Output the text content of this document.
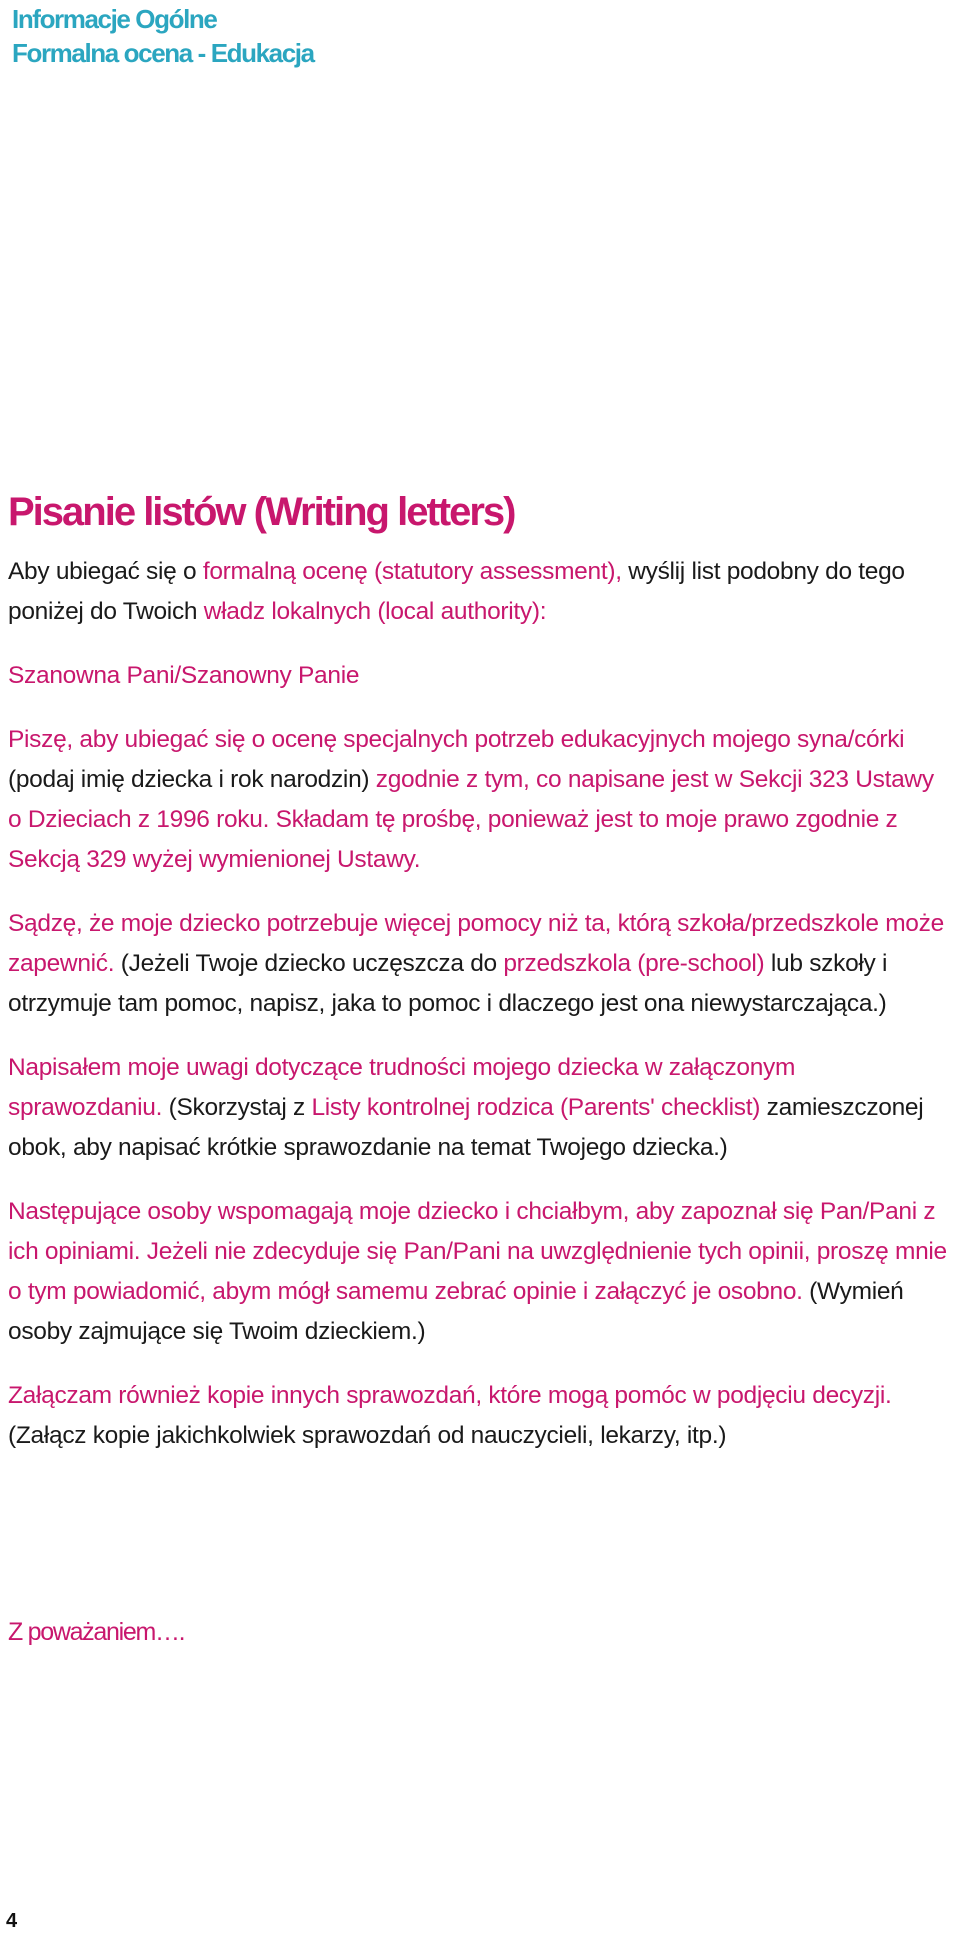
Informacje Ogólne
Formalna ocena - Edukacja
Pisanie listów (Writing letters)

Aby ubiegać się o formalną ocenę (statutory assessment), wyślij list podobny do tego poniżej do Twoich władz lokalnych (local authority):

Szanowna Pani/Szanowny Panie

Piszę, aby ubiegać się o ocenę specjalnych potrzeb edukacyjnych mojego syna/córki (podaj imię dziecka i rok narodzin) zgodnie z tym, co napisane jest w Sekcji 323 Ustawy o Dzieciach z 1996 roku. Składam tę prośbę, ponieważ jest to moje prawo zgodnie z Sekcją 329 wyżej wymienionej Ustawy.

Sądzę, że moje dziecko potrzebuje więcej pomocy niż ta, którą szkoła/przedszkole może zapewnić. (Jeżeli Twoje dziecko uczęszcza do przedszkola (pre-school) lub szkoły i otrzymuje tam pomoc, napisz, jaka to pomoc i dlaczego jest ona niewystarczająca.)

Napisałem moje uwagi dotyczące trudności mojego dziecka w załączonym sprawozdaniu. (Skorzystaj z Listy kontrolnej rodzica (Parents' checklist) zamieszczonej obok, aby napisać krótkie sprawozdanie na temat Twojego dziecka.)

Następujące osoby wspomagają moje dziecko i chciałbym, aby zapoznał się Pan/Pani z ich opiniami. Jeżeli nie zdecyduje się Pan/Pani na uwzględnienie tych opinii, proszę mnie o tym powiadomić, abym mógł samemu zebrać opinie i załączyć je osobno. (Wymień osoby zajmujące się Twoim dzieckiem.)

Załączam również kopie innych sprawozdań, które mogą pomóc w podjęciu decyzji. (Załącz kopie jakichkolwiek sprawozdań od nauczycieli, lekarzy, itp.)

Z poważaniem….
4
